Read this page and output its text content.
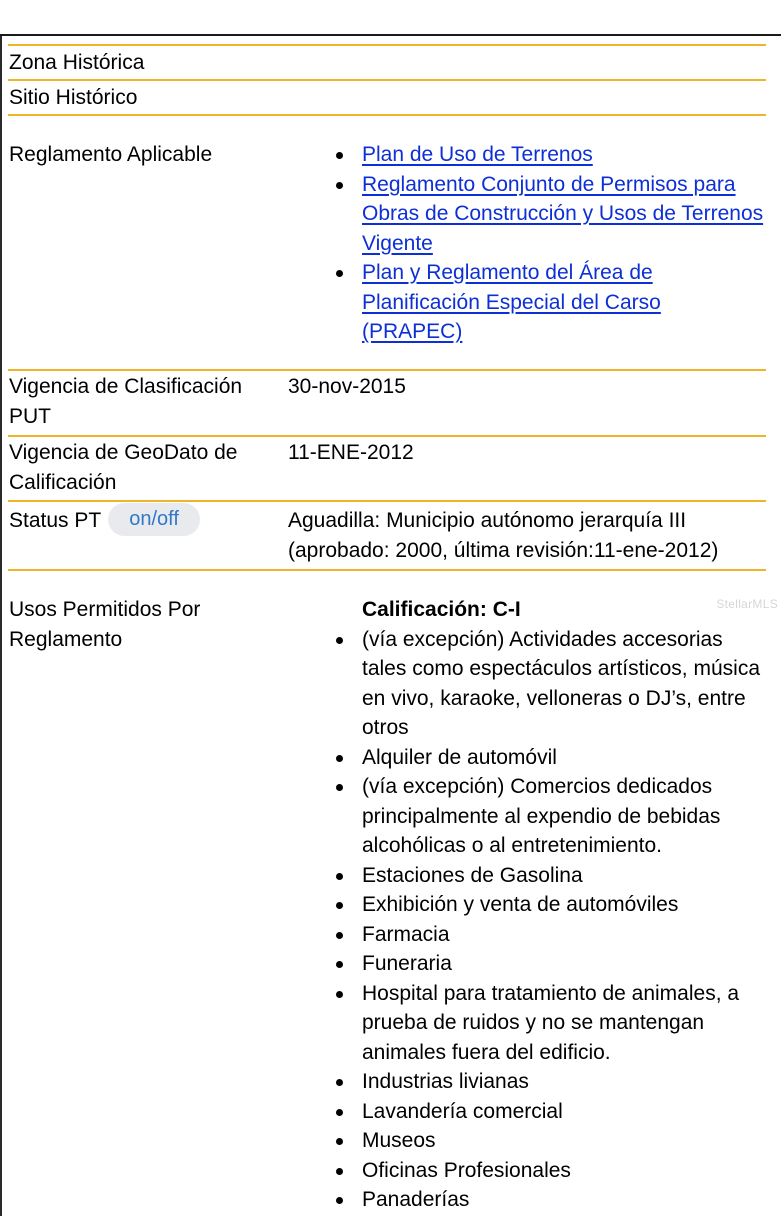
Zona Histórica
Sitio Histórico
Reglamento Aplicable	Plan de Uso de Terrenos
Reglamento Conjunto de Permisos para Obras de Construcción y Usos de Terrenos Vigente
Plan y Reglamento del Área de Planificación Especial del Carso (PRAPEC)
Vigencia de Clasificación PUT
30-nov-2015
Vigencia de GeoDato de Calificación
11-ENE-2012
Status PT on/off	Aguadilla: Municipio autónomo jerarquía III (aprobado: 2000, última revisión:11-ene-2012)
Usos Permitidos Por Reglamento
Calificación: C-I
(vía excepción) Actividades accesorias tales como espectáculos artísticos, música en vivo, karaoke, velloneras o DJ’s, entre otros
Alquiler de automóvil
(vía excepción) Comercios dedicados principalmente al expendio de bebidas alcohólicas o al entretenimiento.
Estaciones de Gasolina
Exhibición y venta de automóviles
Farmacia
Funeraria
Hospital para tratamiento de animales, a prueba de ruidos y no se mantengan animales fuera del edificio.
Industrias livianas
Lavandería comercial
Museos
Oficinas Profesionales
Panaderías
StellarMLS
